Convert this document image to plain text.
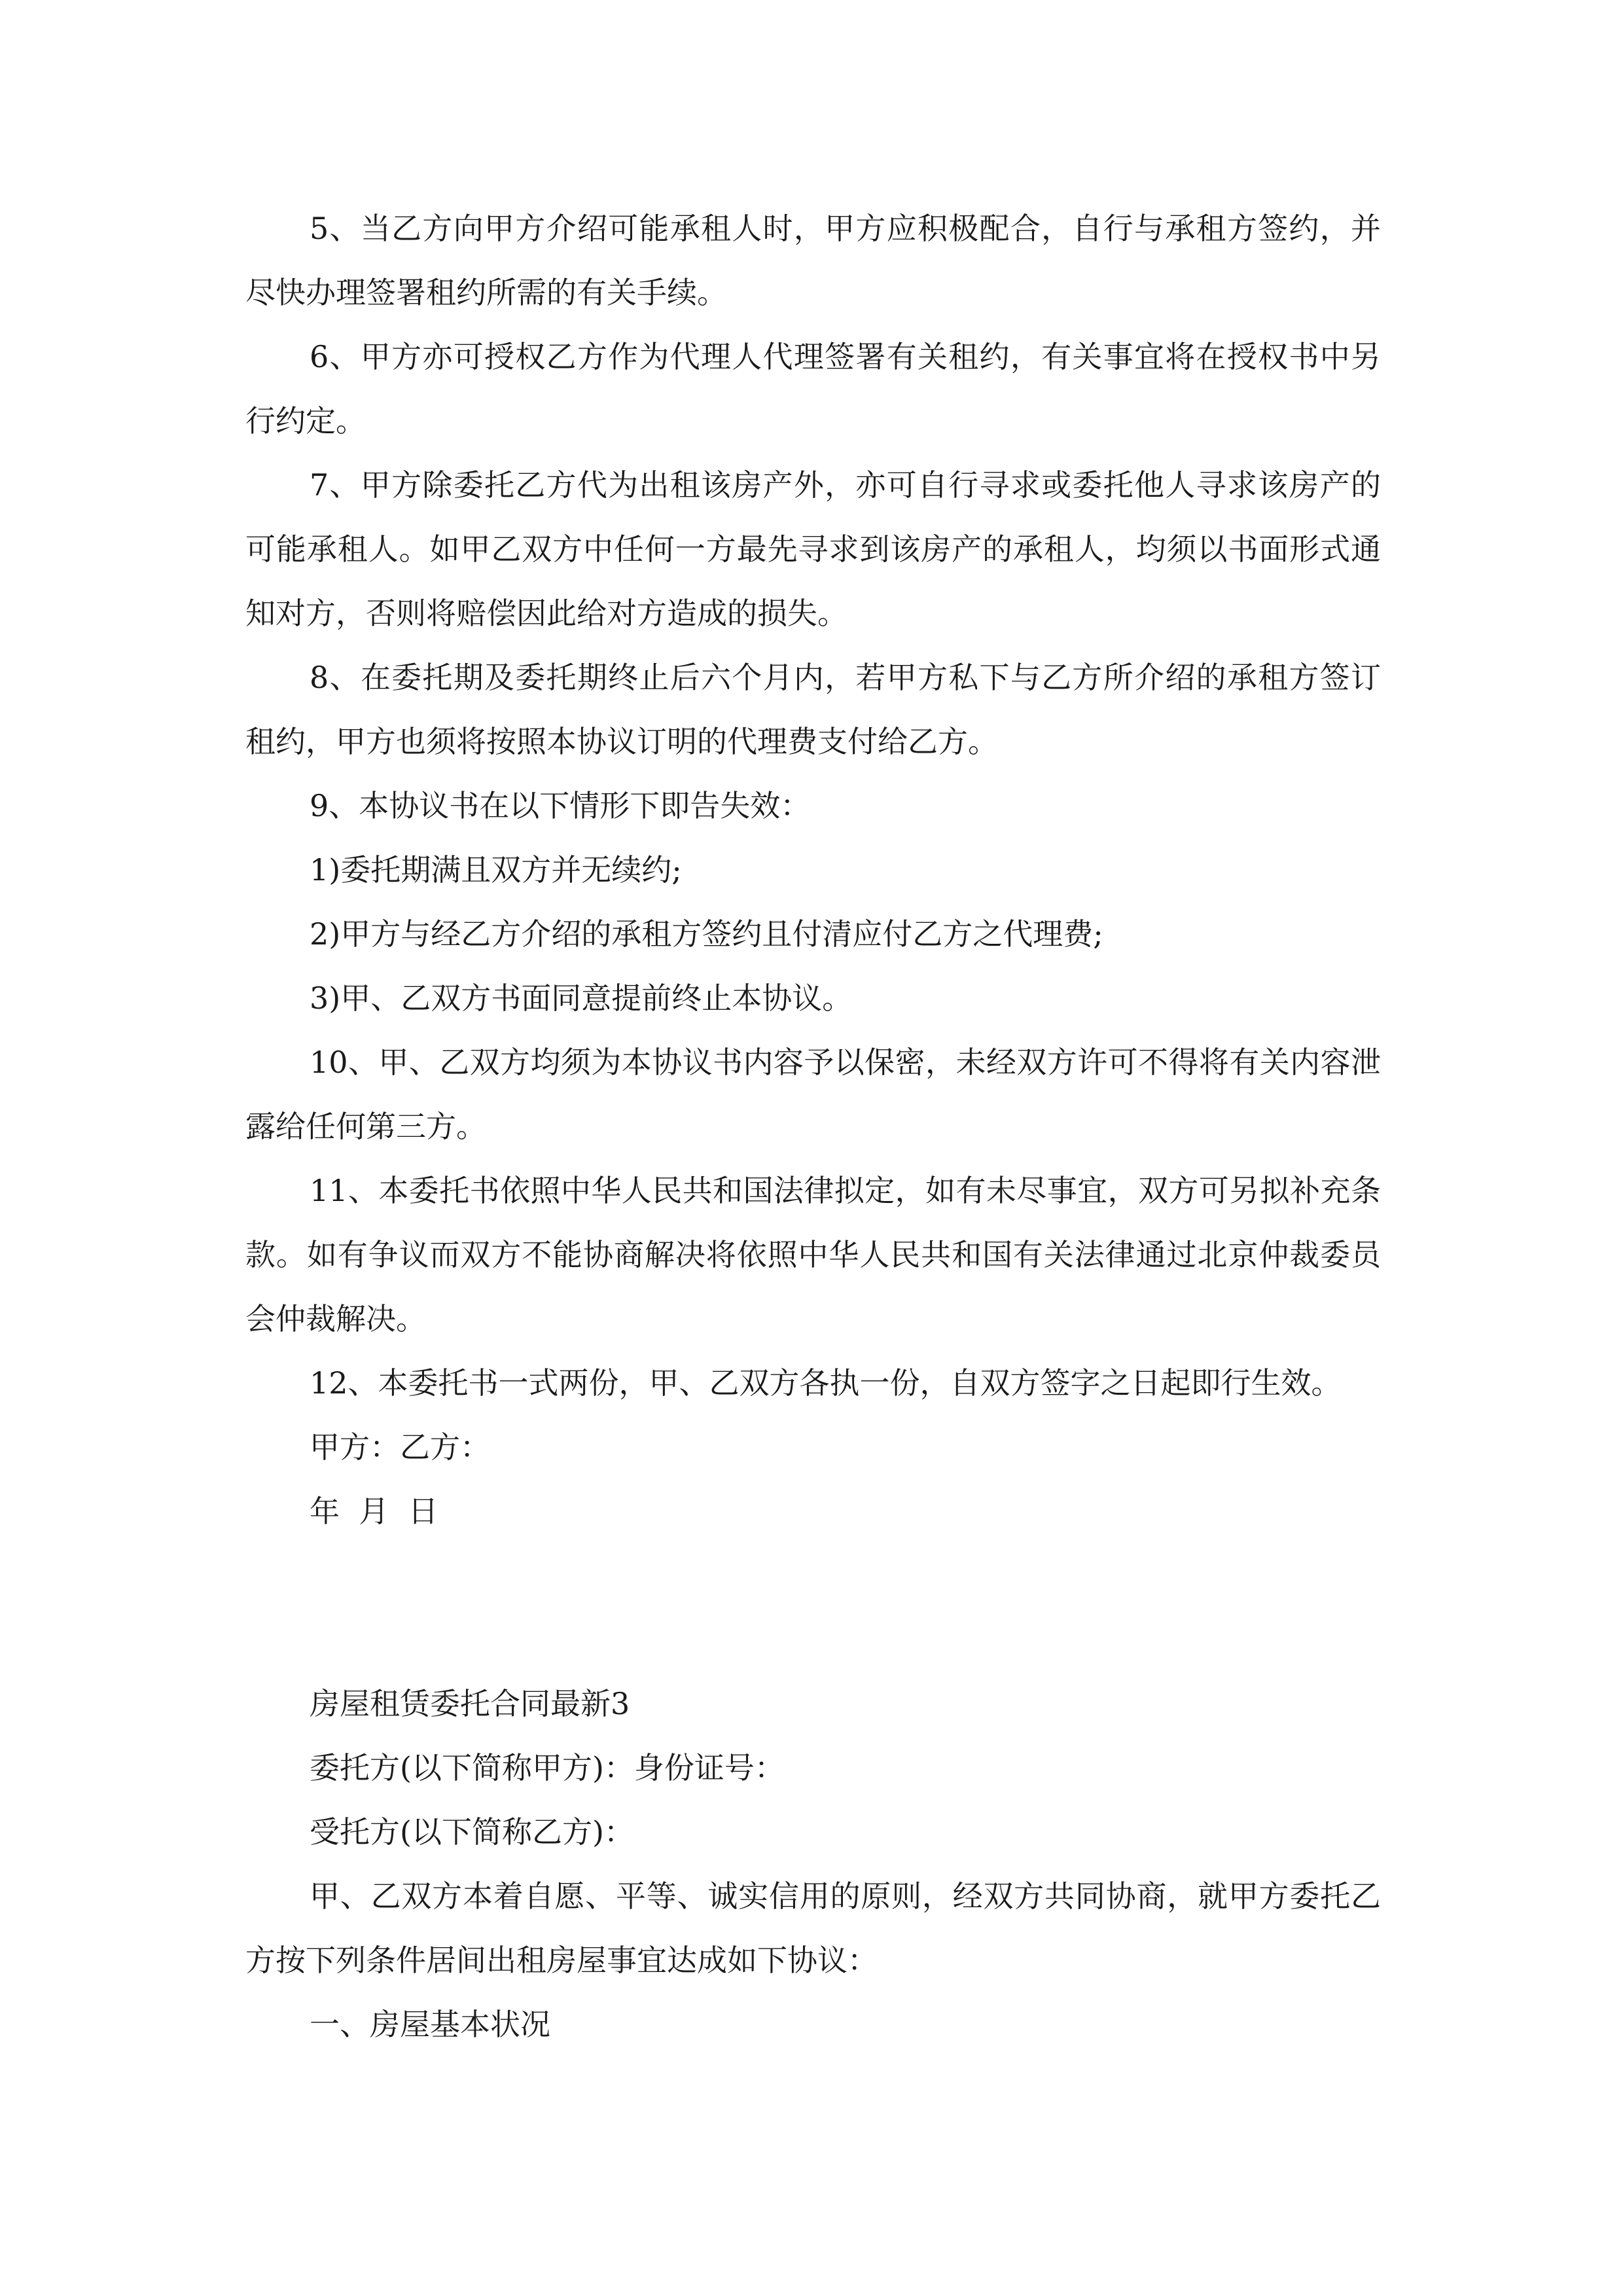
5、当乙方向甲方介绍可能承租人时，甲方应积极配合，自行与承租方签约，并尽快办理签署租约所需的有关手续。

6、甲方亦可授权乙方作为代理人代理签署有关租约，有关事宜将在授权书中另行约定。

7、甲方除委托乙方代为出租该房产外，亦可自行寻求或委托他人寻求该房产的可能承租人。如甲乙双方中任何一方最先寻求到该房产的承租人，均须以书面形式通知对方，否则将赔偿因此给对方造成的损失。

8、在委托期及委托期终止后六个月内，若甲方私下与乙方所介绍的承租方签订租约，甲方也须将按照本协议订明的代理费支付给乙方。

9、本协议书在以下情形下即告失效：

1)委托期满且双方并无续约;

2)甲方与经乙方介绍的承租方签约且付清应付乙方之代理费;

3)甲、乙双方书面同意提前终止本协议。

10、甲、乙双方均须为本协议书内容予以保密，未经双方许可不得将有关内容泄露给任何第三方。

11、本委托书依照中华人民共和国法律拟定，如有未尽事宜，双方可另拟补充条款。如有争议而双方不能协商解决将依照中华人民共和国有关法律通过北京仲裁委员会仲裁解决。

12、本委托书一式两份，甲、乙双方各执一份，自双方签字之日起即行生效。

甲方：乙方：

年  月  日

房屋租赁委托合同最新3

委托方(以下简称甲方)：身份证号：

受托方(以下简称乙方)：

甲、乙双方本着自愿、平等、诚实信用的原则，经双方共同协商，就甲方委托乙方按下列条件居间出租房屋事宜达成如下协议：

一、房屋基本状况
